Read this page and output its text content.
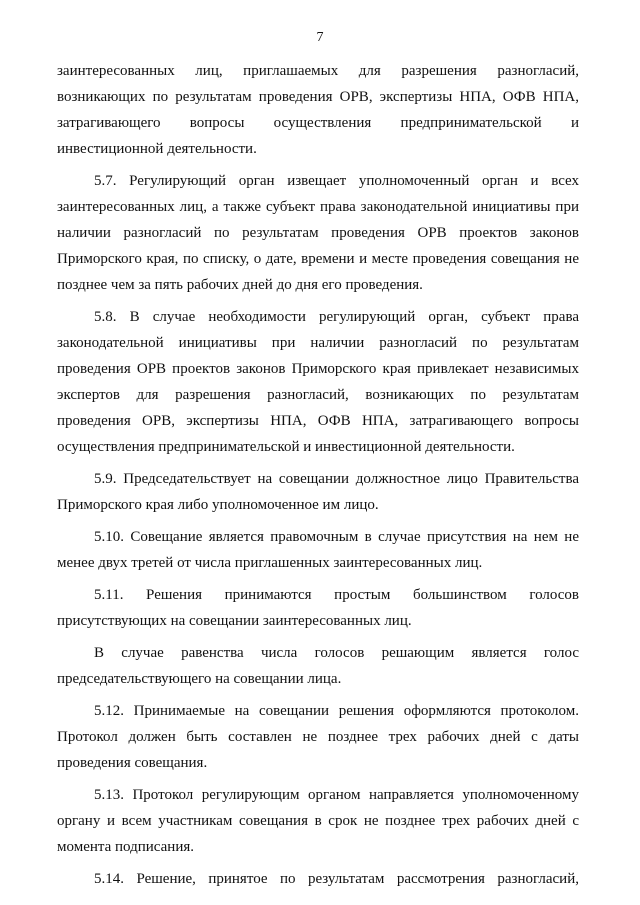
7

заинтересованных лиц, приглашаемых для разрешения разногласий, возникающих по результатам проведения ОРВ, экспертизы НПА, ОФВ НПА, затрагивающего вопросы осуществления предпринимательской и инвестиционной деятельности.

5.7. Регулирующий орган извещает уполномоченный орган и всех заинтересованных лиц, а также субъект права законодательной инициативы при наличии разногласий по результатам проведения ОРВ проектов законов Приморского края, по списку, о дате, времени и месте проведения совещания не позднее чем за пять рабочих дней до дня его проведения.

5.8. В случае необходимости регулирующий орган, субъект права законодательной инициативы при наличии разногласий по результатам проведения ОРВ проектов законов Приморского края привлекает независимых экспертов для разрешения разногласий, возникающих по результатам проведения ОРВ, экспертизы НПА, ОФВ НПА, затрагивающего вопросы осуществления предпринимательской и инвестиционной деятельности.

5.9. Председательствует на совещании должностное лицо Правительства Приморского края либо уполномоченное им лицо.

5.10. Совещание является правомочным в случае присутствия на нем не менее двух третей от числа приглашенных заинтересованных лиц.

5.11. Решения принимаются простым большинством голосов присутствующих на совещании заинтересованных лиц.

В случае равенства числа голосов решающим является голос председательствующего на совещании лица.

5.12. Принимаемые на совещании решения оформляются протоколом. Протокол должен быть составлен не позднее трех рабочих дней с даты проведения совещания.

5.13. Протокол регулирующим органом направляется уполномоченному органу и всем участникам совещания в срок не позднее трех рабочих дней с момента подписания.

5.14. Решение, принятое по результатам рассмотрения разногласий,
